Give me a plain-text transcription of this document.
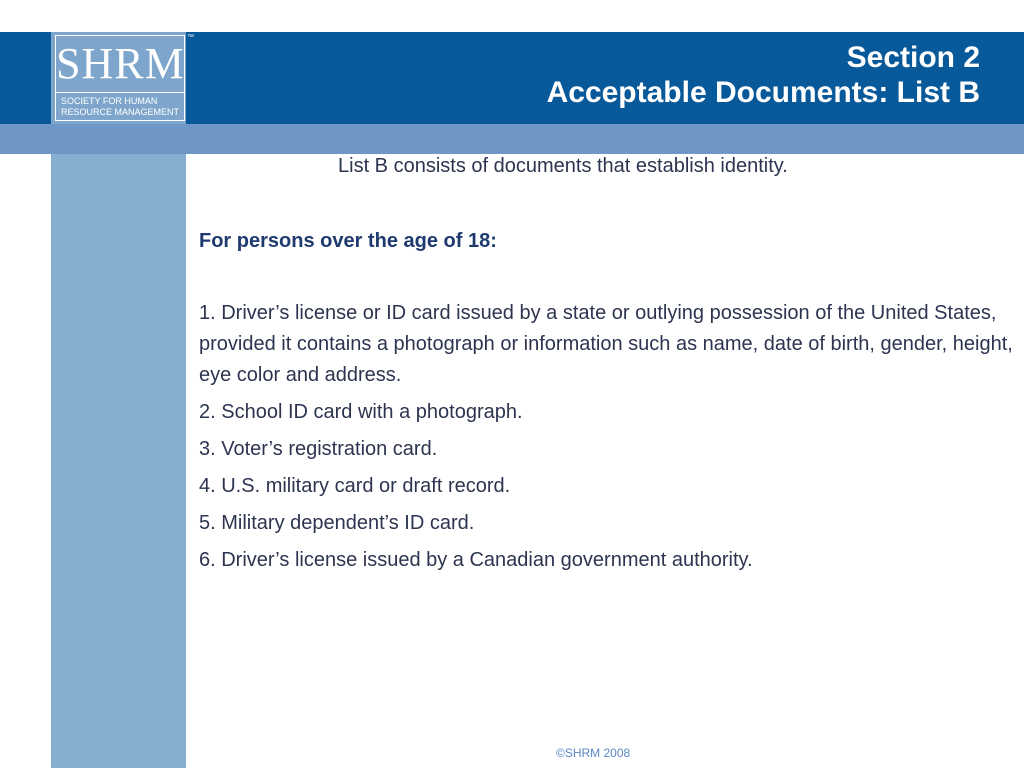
SHRM
SOCIETY FOR HUMAN
RESOURCE MANAGEMENT
™
Section 2
Acceptable Documents: List B
List B consists of documents that establish identity.
For persons over the age of 18:
1. Driver’s license or ID card issued by a state or outlying possession of the United States, provided it contains a photograph or information such as name, date of birth, gender, height, eye color and address.
2. School ID card with a photograph.
3. Voter’s registration card.
4. U.S. military card or draft record.
5. Military dependent’s ID card.
6. Driver’s license issued by a Canadian government authority.
©SHRM 2008
